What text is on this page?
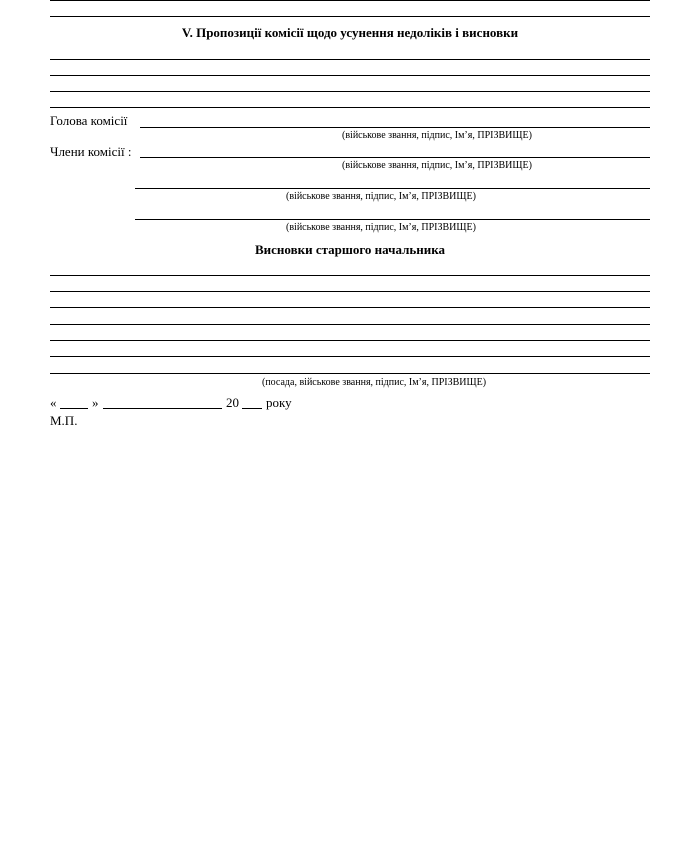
V. Пропозиції комісії щодо усунення недоліків і висновки
Голова комісії
(військове звання, підпис, Ім’я, ПРІЗВИЩЕ)
Члени комісії :
(військове звання, підпис, Ім’я, ПРІЗВИЩЕ)
(військове звання, підпис, Ім’я, ПРІЗВИЩЕ)
(військове звання, підпис, Ім’я, ПРІЗВИЩЕ)
Висновки старшого начальника
(посада, військове звання, підпис, Ім’я, ПРІЗВИЩЕ)
«	»	20 року
М.П.
